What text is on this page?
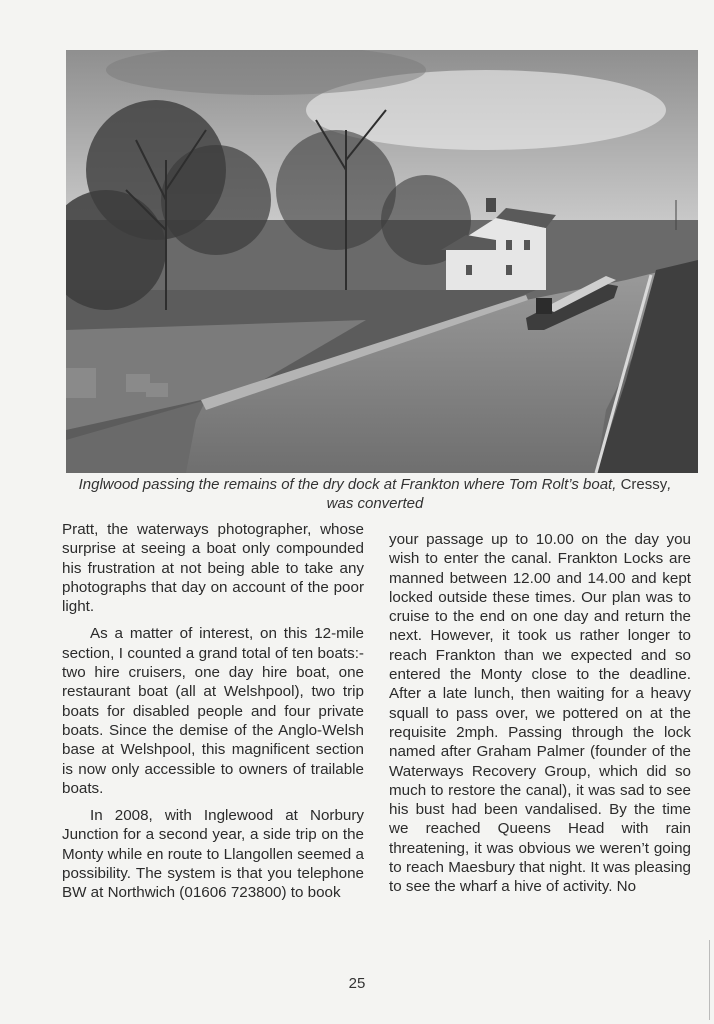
Inglwood passing the remains of the dry dock at Frankton where Tom Rolt’s boat, Cressy, was converted

Pratt, the waterways photographer, whose surprise at seeing a boat only compounded his frustration at not being able to take any photographs that day on account of the poor light.

As a matter of interest, on this 12-mile section, I counted a grand total of ten boats:- two hire cruisers, one day hire boat, one restaurant boat (all at Welshpool), two trip boats for disabled people and four private boats. Since the demise of the Anglo-Welsh base at Welshpool, this magnificent section is now only accessible to owners of trailable boats.

In 2008, with Inglewood at Norbury Junction for a second year, a side trip on the Monty while en route to Llangollen seemed a possibility. The system is that you telephone BW at Northwich (01606 723800) to book

your passage up to 10.00 on the day you wish to enter the canal. Frankton Locks are manned between 12.00 and 14.00 and kept locked outside these times. Our plan was to cruise to the end on one day and return the next. However, it took us rather longer to reach Frankton than we expected and so entered the Monty close to the deadline. After a late lunch, then waiting for a heavy squall to pass over, we pottered on at the requisite 2mph. Passing through the lock named after Graham Palmer (founder of the Waterways Recovery Group, which did so much to restore the canal), it was sad to see his bust had been vandalised. By the time we reached Queens Head with rain threatening, it was obvious we weren’t going to reach Maesbury that night. It was pleasing to see the wharf a hive of activity. No

25
